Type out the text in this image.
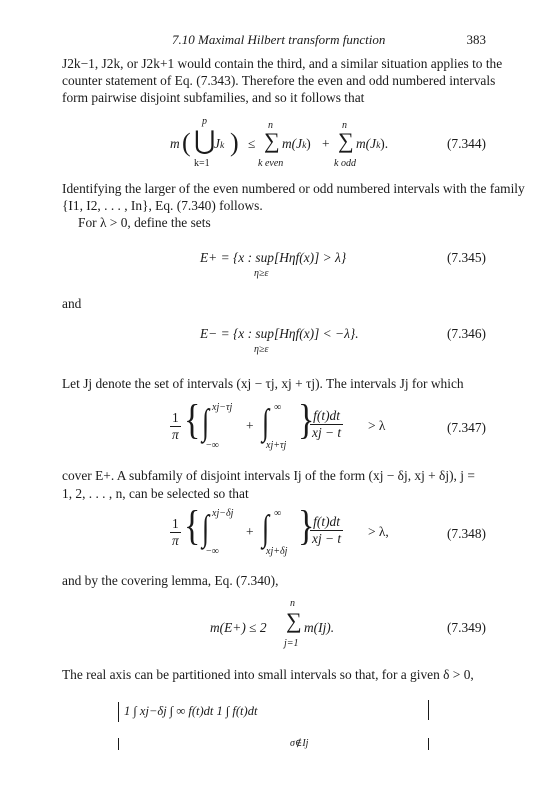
7.10 Maximal Hilbert transform function	383
J2k−1, J2k, or J2k+1 would contain the third, and a similar situation applies to the
counter statement of Eq. (7.343). Therefore the even and odd numbered intervals
form pairwise disjoint subfamilies, and so it follows that
m (
p
⋃
Jk )
k=1
≤
n
∑
k even
m(Jk) +
n
∑
k odd
m(Jk).	(7.344)
Identifying the larger of the even numbered or odd numbered intervals with the family
{I1, I2, . . . , In}, Eq. (7.340) follows.
For λ > 0, define the sets
E+ = {x : sup[Hηf(x)] > λ}
η≥ε
(7.345)
and
E− = {x : sup[Hηf(x)] < −λ}.
η≥ε
(7.346)
Let Jj denote the set of intervals (xj − τj, xj + τj). The intervals Jj for which
$\frac{1}{\pi}$ { ∫ xj−τj
−∞
+ ∫ ∞
xj+τj
}
$\frac{f(t)dt}{xj - t} > \lambda$	(7.347)
cover E+. A subfamily of disjoint intervals Ij of the form (xj − δj, xj + δj), j =
1, 2, . . . , n, can be selected so that
$\frac{1}{\pi}$ { ∫ xj−δj
−∞
+ ∫ ∞
xj+δj
}
$\frac{f(t)dt}{xj - t} > \lambda$,	(7.348)
and by the covering lemma, Eq. (7.340),
m(E+) ≤ 2
n
∑
j=1
m(Ij).	(7.349)
The real axis can be partitioned into small intervals so that, for a given δ > 0,
1 ∫ xj−δj ∫ ∞ f(t)dt 1 ∫ f(t)dt
σ∉Ij
